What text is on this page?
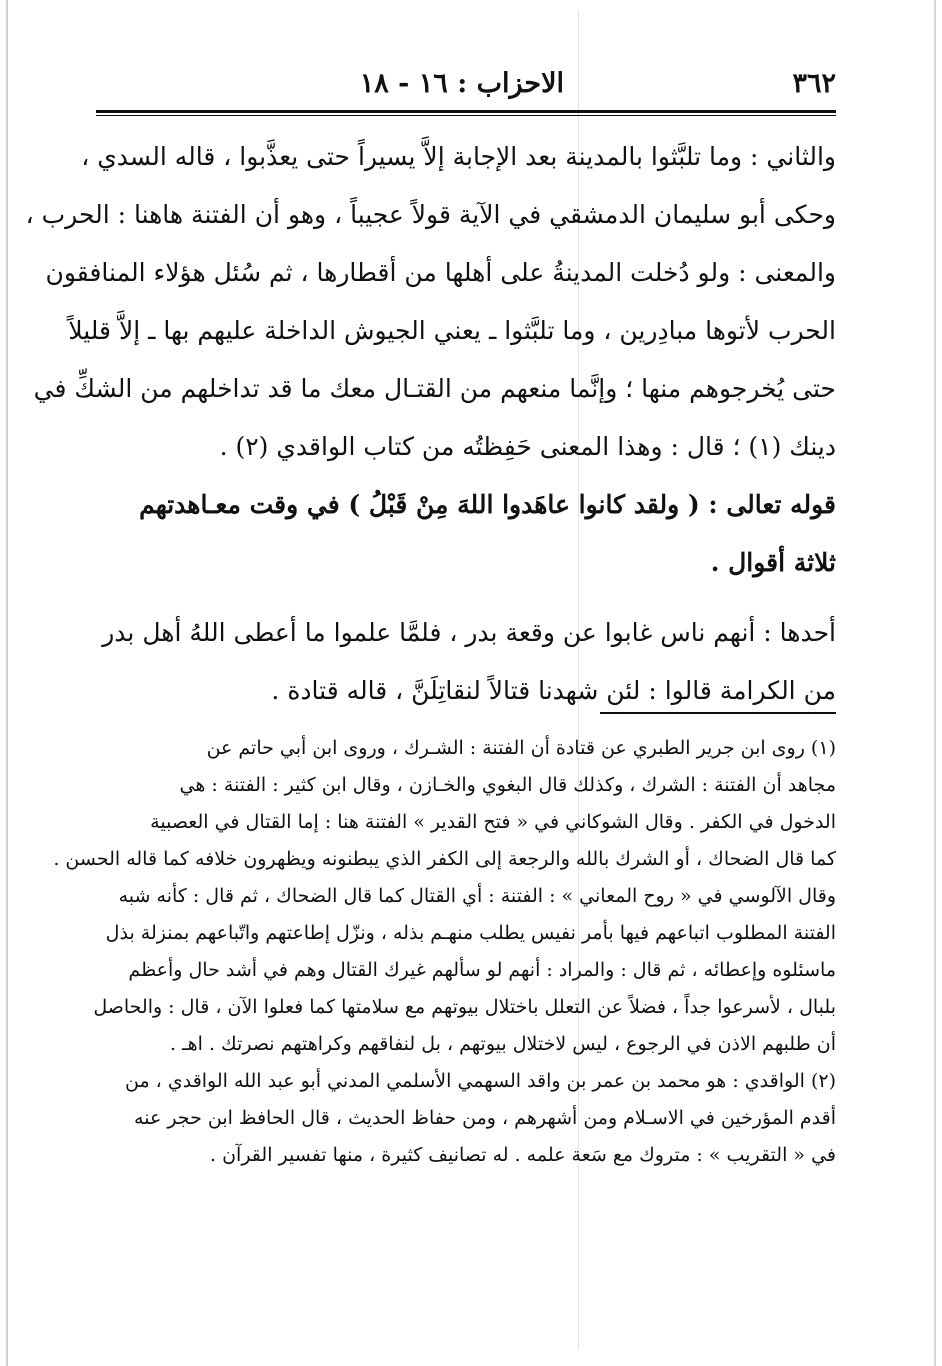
٣٦٢
الاحزاب : ١٦ - ١٨

والثاني : وما تلبَّثوا بالمدينة بعد الإجابة إلاَّ يسيراً حتى يعذَّبوا ، قاله السدي ،
وحكى أبو سليمان الدمشقي في الآية قولاً عجيباً ، وهو أن الفتنة هاهنا : الحرب ،
والمعنى : ولو دُخلت المدينةُ على أهلها من أقطارها ، ثم سُئل هؤلاء المنافقون
الحرب لأتوها مبادِرين ، وما تلبَّثوا ـ يعني الجيوش الداخلة عليهم بها ـ إلاَّ قليلاً
حتى يُخرجوهم منها ؛ وإنَّما منعهم من القتـال معك ما قد تداخلهم من الشكِّ في
دينك (١) ؛ قال : وهذا المعنى حَفِظتُه من كتاب الواقدي (٢) .

قوله تعالى : ( ولقد كانوا عاهَدوا اللهَ مِنْ قَبْلُ ) في وقت معـاهدتهم
ثلاثة أقوال .

أحدها : أنهم ناس غابوا عن وقعة بدر ، فلمَّا علموا ما أعطى اللهُ أهل بدر
من الكرامة قالوا : لئن شهدنا قتالاً لنقاتِلَنَّ ، قاله قتادة .

(١) روى ابن جرير الطبري عن قتادة أن الفتنة : الشـرك ، وروى ابن أبي حاتم عن
مجاهد أن الفتنة : الشرك ، وكذلك قال البغوي والخـازن ، وقال ابن كثير : الفتنة : هي
الدخول في الكفر . وقال الشوكاني في « فتح القدير » الفتنة هنا : إما القتال في العصبية
كما قال الضحاك ، أو الشرك بالله والرجعة إلى الكفر الذي يبطنونه ويظهرون خلافه كما قاله الحسن .
وقال الآلوسي في « روح المعاني » : الفتنة : أي القتال كما قال الضحاك ، ثم قال : كأنه شبه
الفتنة المطلوب اتباعهم فيها بأمر نفيس يطلب منهـم بذله ، ونزّل إطاعتهم واتّباعهم بمنزلة بذل
ماسئلوه وإعطائه ، ثم قال : والمراد : أنهم لو سألهم غيرك القتال وهم في أشد حال وأعظم
بلبال ، لأسرعوا جداً ، فضلاً عن التعلل باختلال بيوتهم مع سلامتها كما فعلوا الآن ، قال : والحاصل
أن طلبهم الاذن في الرجوع ، ليس لاختلال بيوتهم ، بل لنفاقهم وكراهتهم نصرتك . اهـ .
(٢) الواقدي : هو محمد بن عمر بن واقد السهمي الأسلمي المدني أبو عبد الله الواقدي ، من
أقدم المؤرخين في الاسـلام ومن أشهرهم ، ومن حفاظ الحديث ، قال الحافظ ابن حجر عنه
في « التقريب » : متروك مع سَعة علمه . له تصانيف كثيرة ، منها تفسير القرآن .
